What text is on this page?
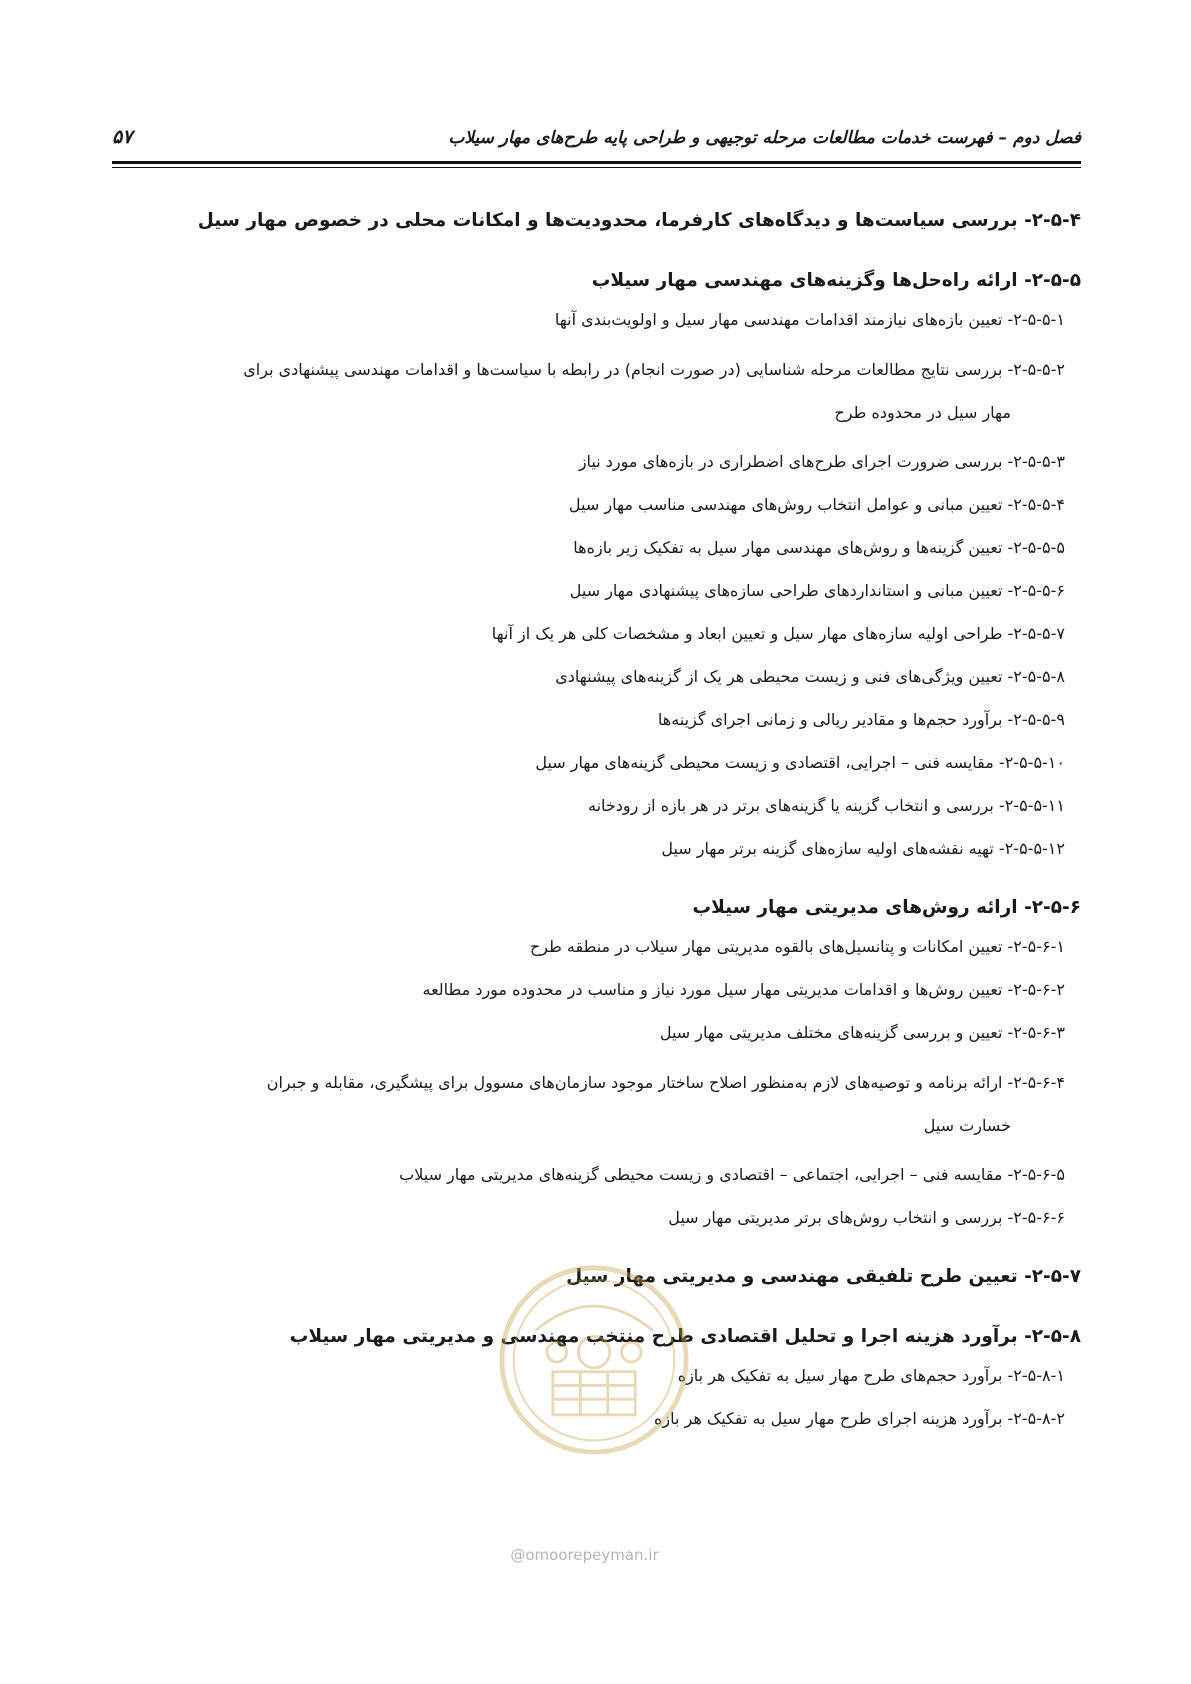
فصل دوم – فهرست خدمات مطالعات مرحله توجیهی و طراحی پایه طرح‌های مهار سیلاب
۵۷
۲-۵-۴- بررسی سیاست‌ها و دیدگاه‌های کارفرما، محدودیت‌ها و امکانات محلی در خصوص مهار سیل
۲-۵-۵- ارائه راه‌حل‌ها وگزینه‌های مهندسی مهار سیلاب
۲-۵-۵-۱- تعیین بازه‌های نیازمند اقدامات مهندسی مهار سیل و اولویت‌بندی آنها
۲-۵-۵-۲- بررسی نتایج مطالعات مرحله شناسایی (در صورت انجام) در رابطه با سیاست‌ها و اقدامات مهندسی پیشنهادی برای
مهار سیل در محدوده طرح
۲-۵-۵-۳- بررسی ضرورت اجرای طرح‌های اضطراری در بازه‌های مورد نیاز
۲-۵-۵-۴- تعیین مبانی و عوامل انتخاب روش‌های مهندسی مناسب مهار سیل
۲-۵-۵-۵- تعیین گزینه‌ها و روش‌های مهندسی مهار سیل به تفکیک زیر بازه‌ها
۲-۵-۵-۶- تعیین مبانی و استانداردهای طراحی سازه‌های پیشنهادی مهار سیل
۲-۵-۵-۷- طراحی اولیه سازه‌های مهار سیل و تعیین ابعاد و مشخصات کلی هر یک از آنها
۲-۵-۵-۸- تعیین ویژگی‌های فنی و زیست محیطی هر یک از گزینه‌های پیشنهادی
۲-۵-۵-۹- برآورد حجم‌ها و مقادیر ریالی و زمانی اجرای گزینه‌ها
۲-۵-۵-۱۰- مقایسه فنی – اجرایی، اقتصادی و زیست محیطی گزینه‌های مهار سیل
۲-۵-۵-۱۱- بررسی و انتخاب گزینه یا گزینه‌های برتر در هر بازه از رودخانه
۲-۵-۵-۱۲- تهیه نقشه‌های اولیه سازه‌های گزینه برتر مهار سیل
۲-۵-۶- ارائه روش‌های مدیریتی مهار سیلاب
۲-۵-۶-۱- تعیین امکانات و پتانسیل‌های بالقوه مدیریتی مهار سیلاب در منطقه طرح
۲-۵-۶-۲- تعیین روش‌ها و اقدامات مدیریتی مهار سیل مورد نیاز و مناسب در محدوده مورد مطالعه
۲-۵-۶-۳- تعیین و بررسی گزینه‌های مختلف مدیریتی مهار سیل
۲-۵-۶-۴- ارائه برنامه و توصیه‌های لازم به‌منظور اصلاح ساختار موجود سازمان‌های مسوول برای پیشگیری، مقابله و جبران
خسارت سیل
۲-۵-۶-۵- مقایسه فنی – اجرایی، اجتماعی – اقتصادی و زیست محیطی گزینه‌های مدیریتی مهار سیلاب
۲-۵-۶-۶- بررسی و انتخاب روش‌های برتر مدیریتی مهار سیل
۲-۵-۷- تعیین طرح تلفیقی مهندسی و مدیریتی مهار سیل
۲-۵-۸- برآورد هزینه اجرا و تحلیل اقتصادی طرح منتخب مهندسی و مدیریتی مهار سیلاب
۲-۵-۸-۱- برآورد حجم‌های طرح مهار سیل به تفکیک هر بازه
۲-۵-۸-۲- برآورد هزینه اجرای طرح مهار سیل به تفکیک هر بازه
@omoorepeyman.ir
